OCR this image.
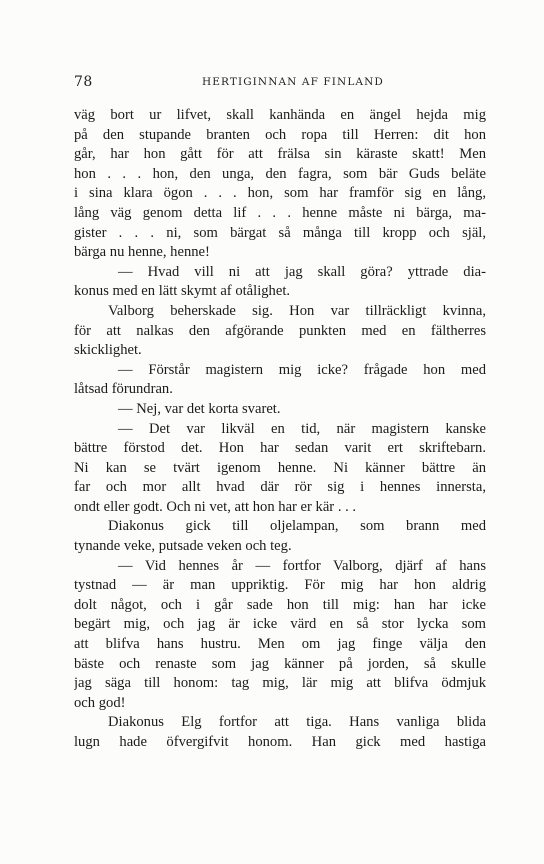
78	HERTIGINNAN AF FINLAND
väg bort ur lifvet, skall kanhända en ängel hejda mig
på den stupande branten och ropa till Herren: dit hon
går, har hon gått för att frälsa sin käraste skatt! Men
hon . . . hon, den unga, den fagra, som bär Guds beläte
i sina klara ögon . . . hon, som har framför sig en lång,
lång väg genom detta lif . . . henne måste ni bärga, ma-
gister . . . ni, som bärgat så många till kropp och själ,
bärga nu henne, henne!
— Hvad vill ni att jag skall göra? yttrade dia-
konus med en lätt skymt af otålighet.
Valborg beherskade sig. Hon var tillräckligt kvinna,
för att nalkas den afgörande punkten med en fältherres
skicklighet.
— Förstår magistern mig icke? frågade hon med
låtsad förundran.
— Nej, var det korta svaret.
— Det var likväl en tid, när magistern kanske
bättre förstod det. Hon har sedan varit ert skriftebarn.
Ni kan se tvärt igenom henne. Ni känner bättre än
far och mor allt hvad där rör sig i hennes innersta,
ondt eller godt. Och ni vet, att hon har er kär . . .
Diakonus gick till oljelampan, som brann med
tynande veke, putsade veken och teg.
— Vid hennes år — fortfor Valborg, djärf af hans
tystnad — är man uppriktig. För mig har hon aldrig
dolt något, och i går sade hon till mig: han har icke
begärt mig, och jag är icke värd en så stor lycka som
att blifva hans hustru. Men om jag finge välja den
bäste och renaste som jag känner på jorden, så skulle
jag säga till honom: tag mig, lär mig att blifva ödmjuk
och god!
Diakonus Elg fortfor att tiga. Hans vanliga blida
lugn hade öfvergifvit honom. Han gick med hastiga
